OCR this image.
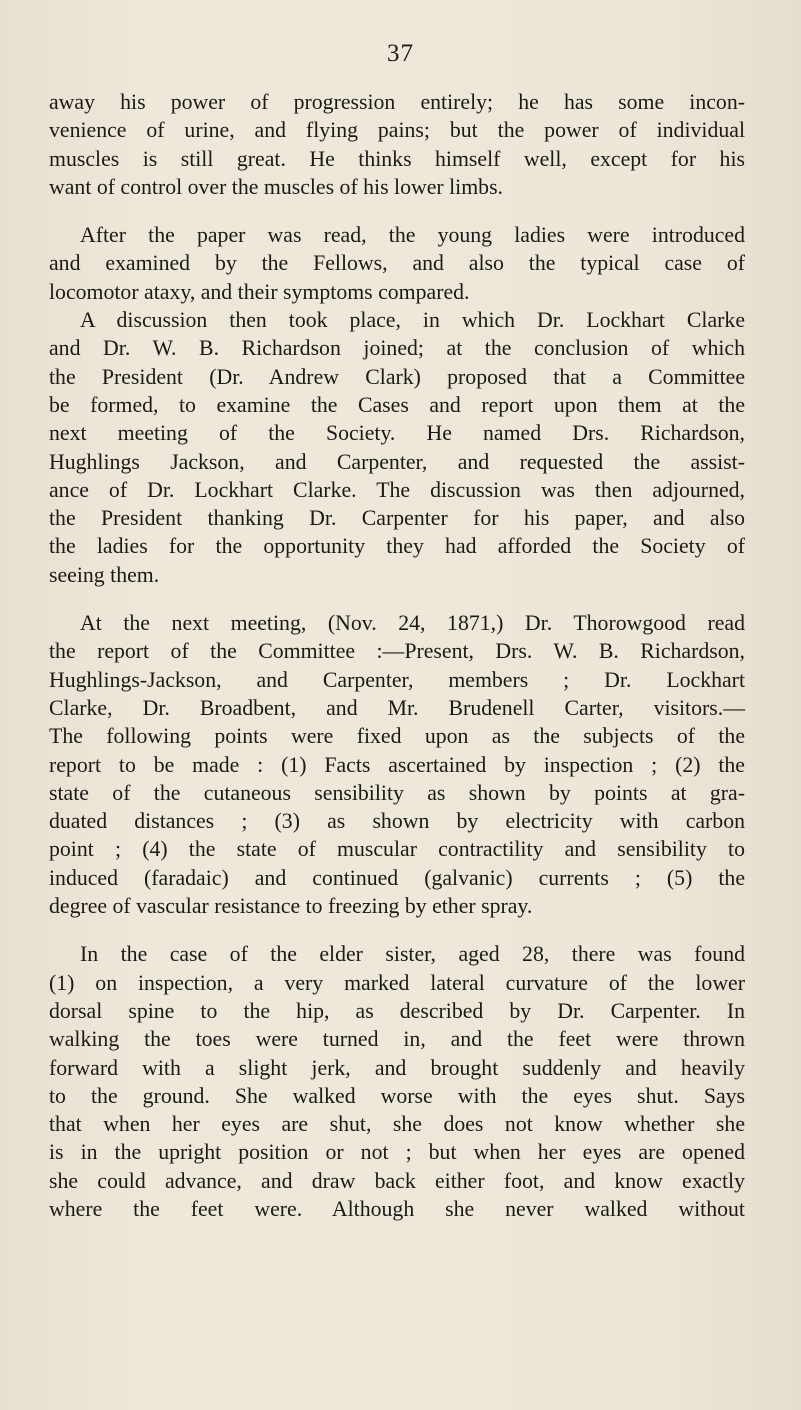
37
away his power of progression entirely; he has some incon-
venience of urine, and flying pains; but the power of individual
muscles is still great. He thinks himself well, except for his
want of control over the muscles of his lower limbs.
After the paper was read, the young ladies were introduced
and examined by the Fellows, and also the typical case of
locomotor ataxy, and their symptoms compared.
A discussion then took place, in which Dr. Lockhart Clarke
and Dr. W. B. Richardson joined; at the conclusion of which
the President (Dr. Andrew Clark) proposed that a Committee
be formed, to examine the Cases and report upon them at the
next meeting of the Society. He named Drs. Richardson,
Hughlings Jackson, and Carpenter, and requested the assist-
ance of Dr. Lockhart Clarke. The discussion was then adjourned,
the President thanking Dr. Carpenter for his paper, and also
the ladies for the opportunity they had afforded the Society of
seeing them.
At the next meeting, (Nov. 24, 1871,) Dr. Thorowgood read
the report of the Committee :—Present, Drs. W. B. Richardson,
Hughlings-Jackson, and Carpenter, members ; Dr. Lockhart
Clarke, Dr. Broadbent, and Mr. Brudenell Carter, visitors.—
The following points were fixed upon as the subjects of the
report to be made : (1) Facts ascertained by inspection ; (2) the
state of the cutaneous sensibility as shown by points at gra-
duated distances ; (3) as shown by electricity with carbon
point ; (4) the state of muscular contractility and sensibility to
induced (faradaic) and continued (galvanic) currents ; (5) the
degree of vascular resistance to freezing by ether spray.
In the case of the elder sister, aged 28, there was found
(1) on inspection, a very marked lateral curvature of the lower
dorsal spine to the hip, as described by Dr. Carpenter. In
walking the toes were turned in, and the feet were thrown
forward with a slight jerk, and brought suddenly and heavily
to the ground. She walked worse with the eyes shut. Says
that when her eyes are shut, she does not know whether she
is in the upright position or not ; but when her eyes are opened
she could advance, and draw back either foot, and know exactly
where the feet were. Although she never walked without
